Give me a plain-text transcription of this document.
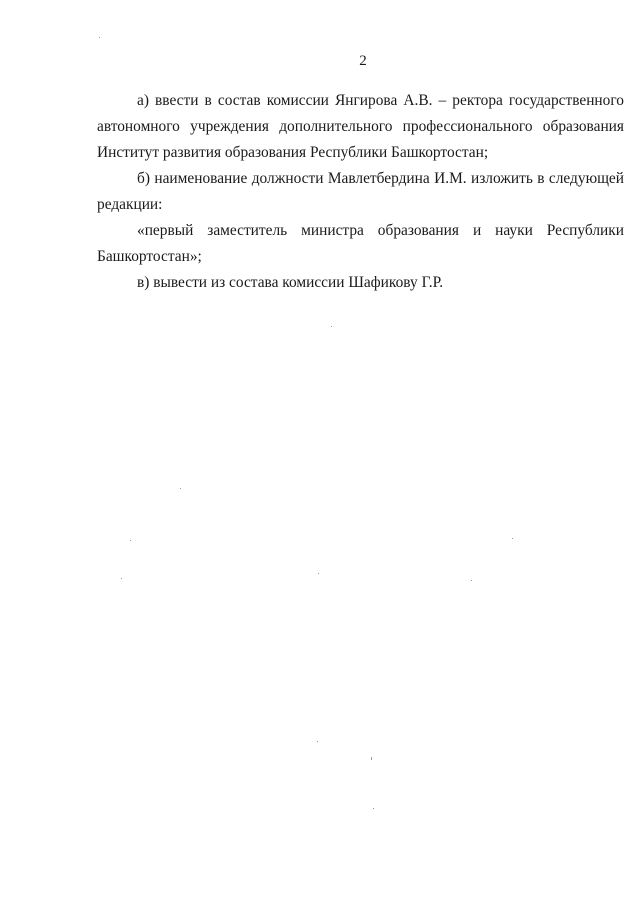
2

а) ввести в состав комиссии Янгирова А.В. – ректора государственного автономного учреждения дополнительного профессионального образования Институт развития образования Республики Башкортостан;

б) наименование должности Мавлетбердина И.М. изложить в следующей редакции:

«первый заместитель министра образования и науки Республики Башкортостан»;

в) вывести из состава комиссии Шафикову Г.Р.
